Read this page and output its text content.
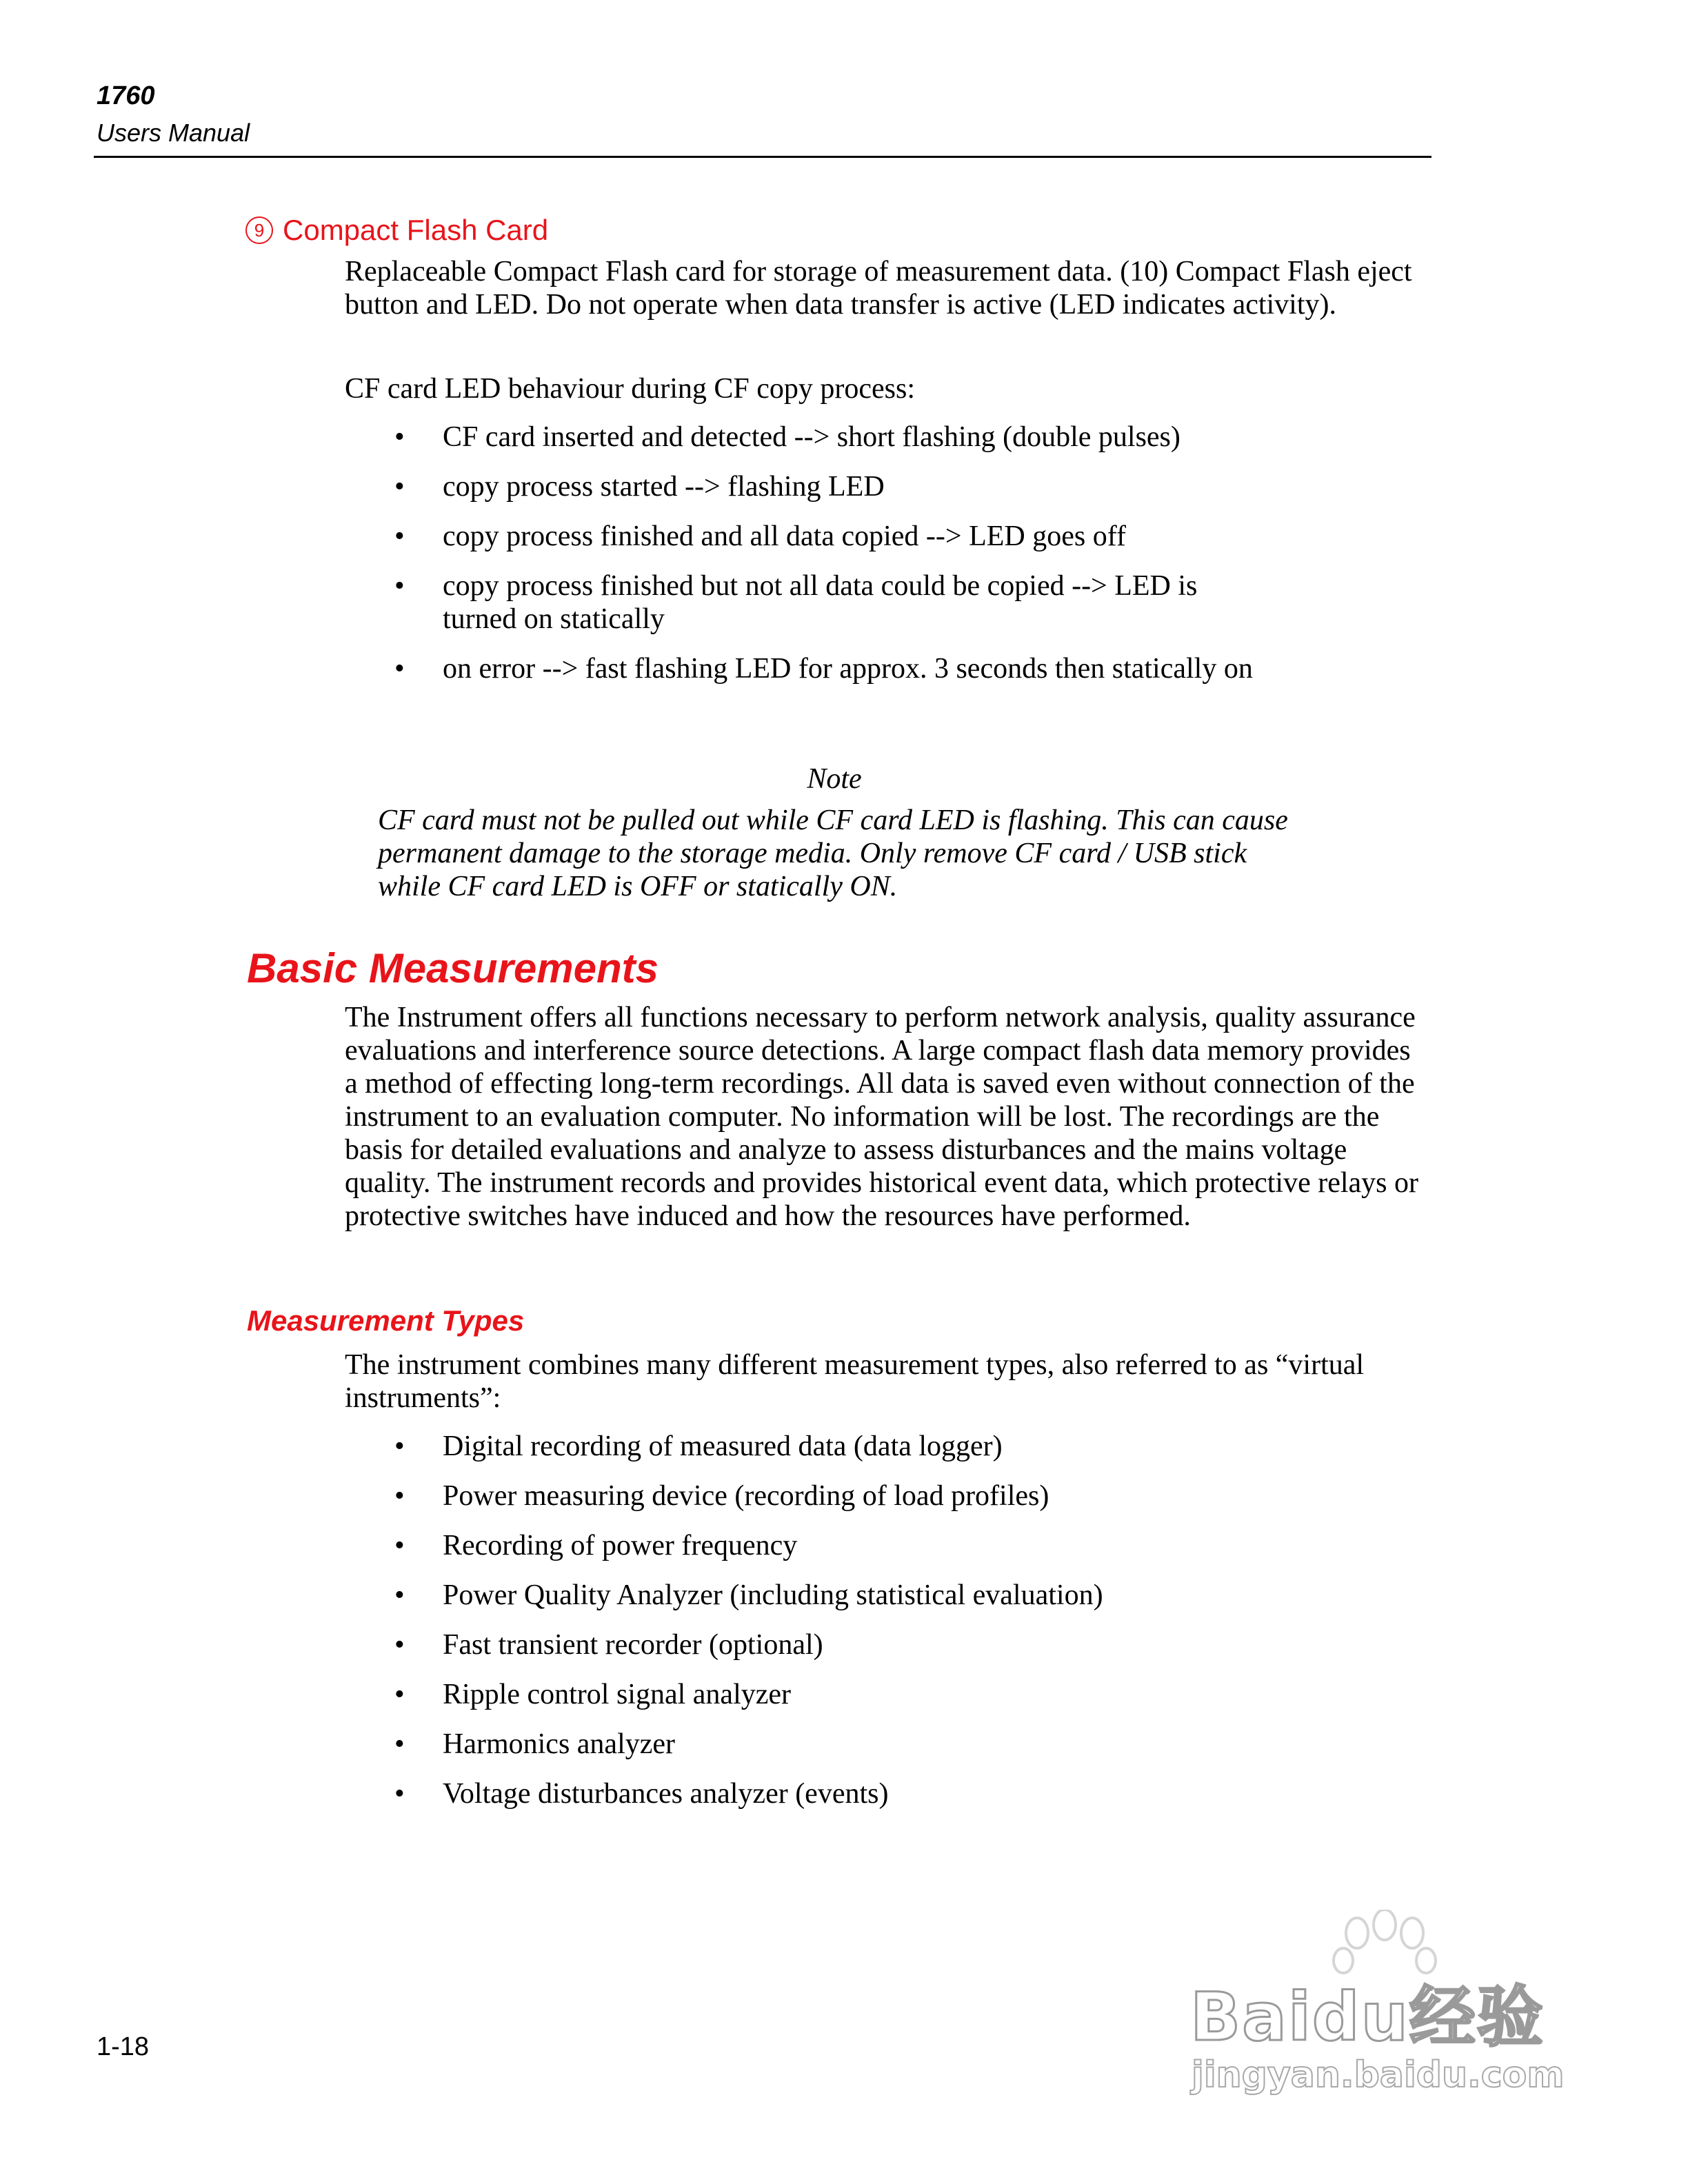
1760
Users Manual
9 Compact Flash Card

Replaceable Compact Flash card for storage of measurement data. (10) Compact Flash eject button and LED. Do not operate when data transfer is active (LED indicates activity).

CF card LED behaviour during CF copy process:

• CF card inserted and detected --> short flashing (double pulses)
• copy process started --> flashing LED
• copy process finished and all data copied --> LED goes off
• copy process finished but not all data could be copied --> LED is turned on statically
• on error --> fast flashing LED for approx. 3 seconds then statically on
Note
CF card must not be pulled out while CF card LED is flashing. This can cause permanent damage to the storage media. Only remove CF card / USB stick while CF card LED is OFF or statically ON.
Basic Measurements

The Instrument offers all functions necessary to perform network analysis, quality assurance evaluations and interference source detections. A large compact flash data memory provides a method of effecting long-term recordings. All data is saved even without connection of the instrument to an evaluation computer. No information will be lost. The recordings are the basis for detailed evaluations and analyze to assess disturbances and the mains voltage quality. The instrument records and provides historical event data, which protective relays or protective switches have induced and how the resources have performed.

Measurement Types

The instrument combines many different measurement types, also referred to as “virtual instruments”:

• Digital recording of measured data (data logger)
• Power measuring device (recording of load profiles)
• Recording of power frequency
• Power Quality Analyzer (including statistical evaluation)
• Fast transient recorder (optional)
• Ripple control signal analyzer
• Harmonics analyzer
• Voltage disturbances analyzer (events)
1-18	Baidu经验
jingyan.baidu.com
